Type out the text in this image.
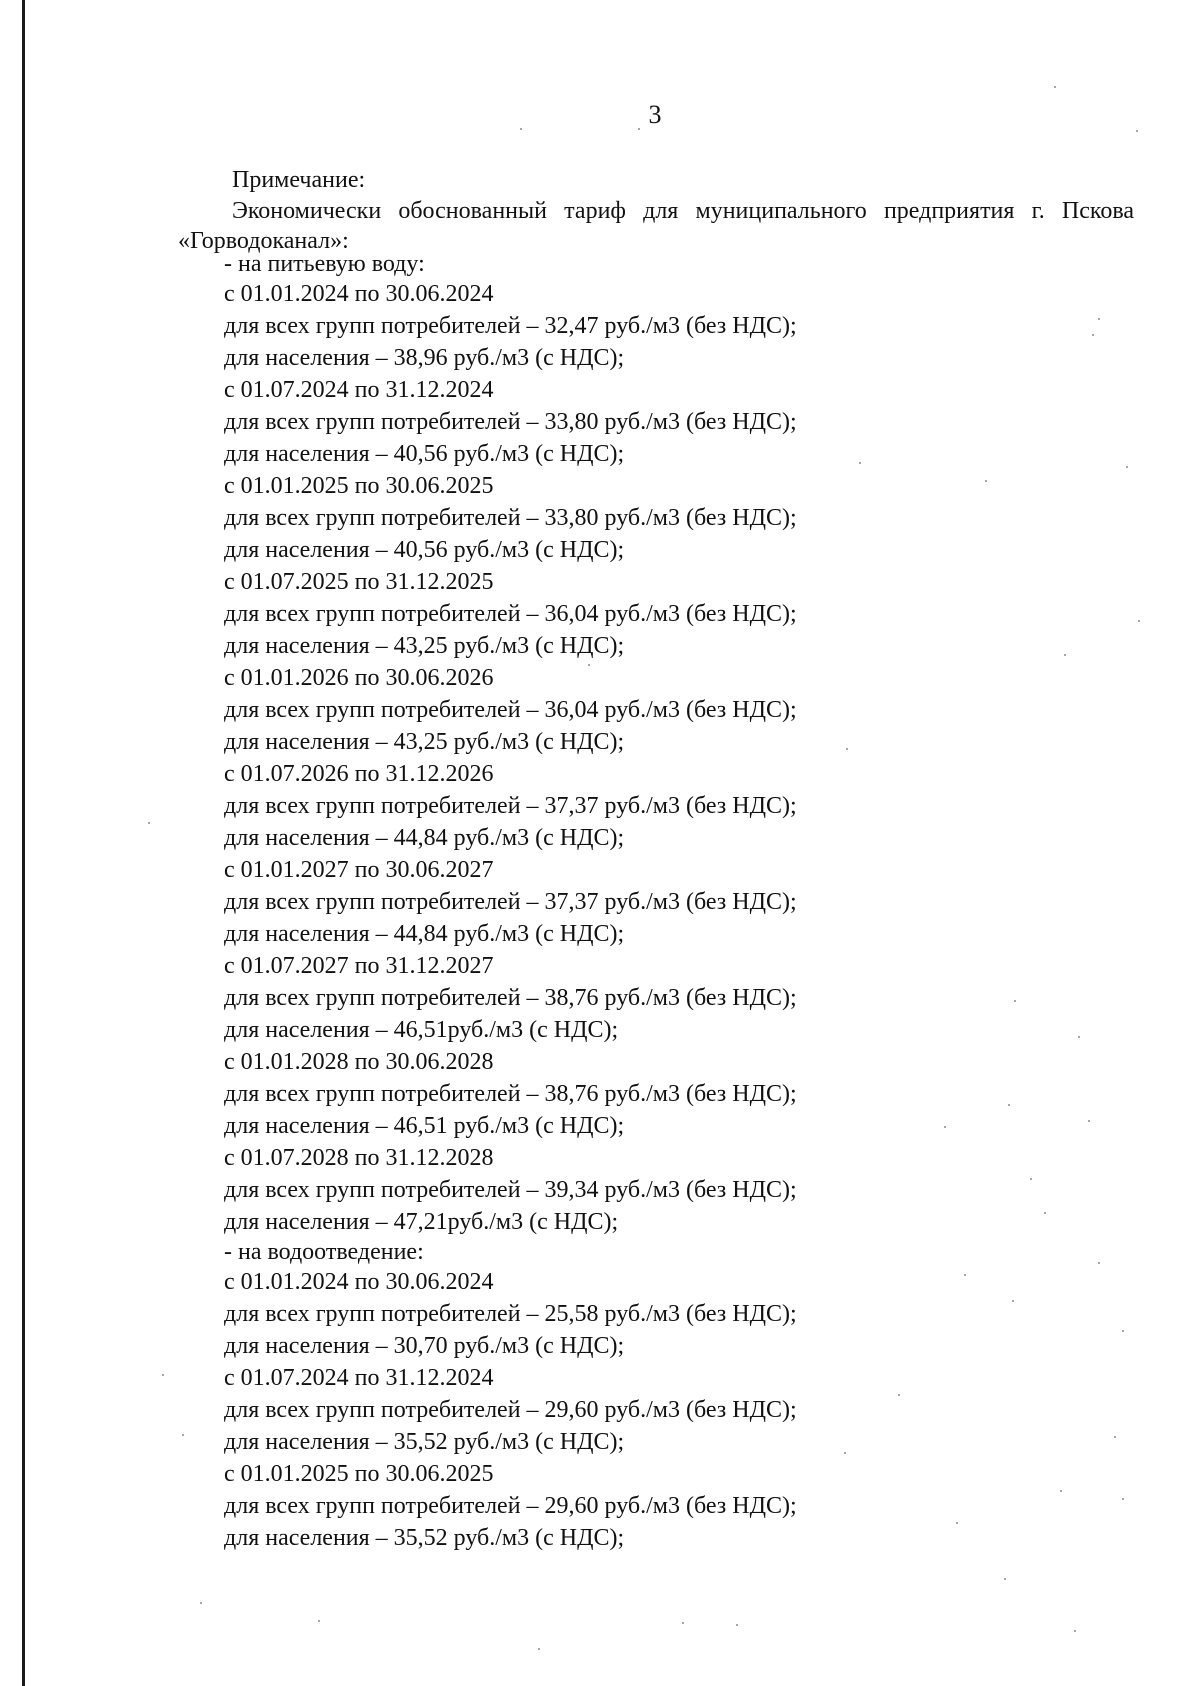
3
Примечание:
Экономически обоснованный тариф для муниципального предприятия г. Пскова «Горводоканал»:
- на питьевую воду:
с 01.01.2024 по 30.06.2024
для всех групп потребителей – 32,47 руб./м3 (без НДС);
для населения – 38,96 руб./м3 (с НДС);
с 01.07.2024 по 31.12.2024
для всех групп потребителей – 33,80 руб./м3 (без НДС);
для населения – 40,56 руб./м3 (с НДС);
с 01.01.2025 по 30.06.2025
для всех групп потребителей – 33,80 руб./м3 (без НДС);
для населения – 40,56 руб./м3 (с НДС);
с 01.07.2025 по 31.12.2025
для всех групп потребителей – 36,04 руб./м3 (без НДС);
для населения – 43,25 руб./м3 (с НДС);
с 01.01.2026 по 30.06.2026
для всех групп потребителей – 36,04 руб./м3 (без НДС);
для населения – 43,25 руб./м3 (с НДС);
с 01.07.2026 по 31.12.2026
для всех групп потребителей – 37,37 руб./м3 (без НДС);
для населения – 44,84 руб./м3 (с НДС);
с 01.01.2027 по 30.06.2027
для всех групп потребителей – 37,37 руб./м3 (без НДС);
для населения – 44,84 руб./м3 (с НДС);
с 01.07.2027 по 31.12.2027
для всех групп потребителей – 38,76 руб./м3 (без НДС);
для населения – 46,51руб./м3 (с НДС);
с 01.01.2028 по 30.06.2028
для всех групп потребителей – 38,76 руб./м3 (без НДС);
для населения – 46,51 руб./м3 (с НДС);
с 01.07.2028 по 31.12.2028
для всех групп потребителей – 39,34 руб./м3 (без НДС);
для населения – 47,21руб./м3 (с НДС);
- на водоотведение:
с 01.01.2024 по 30.06.2024
для всех групп потребителей – 25,58 руб./м3 (без НДС);
для населения – 30,70 руб./м3 (с НДС);
с 01.07.2024 по 31.12.2024
для всех групп потребителей – 29,60 руб./м3 (без НДС);
для населения – 35,52 руб./м3 (с НДС);
с 01.01.2025 по 30.06.2025
для всех групп потребителей – 29,60 руб./м3 (без НДС);
для населения – 35,52 руб./м3 (с НДС);
